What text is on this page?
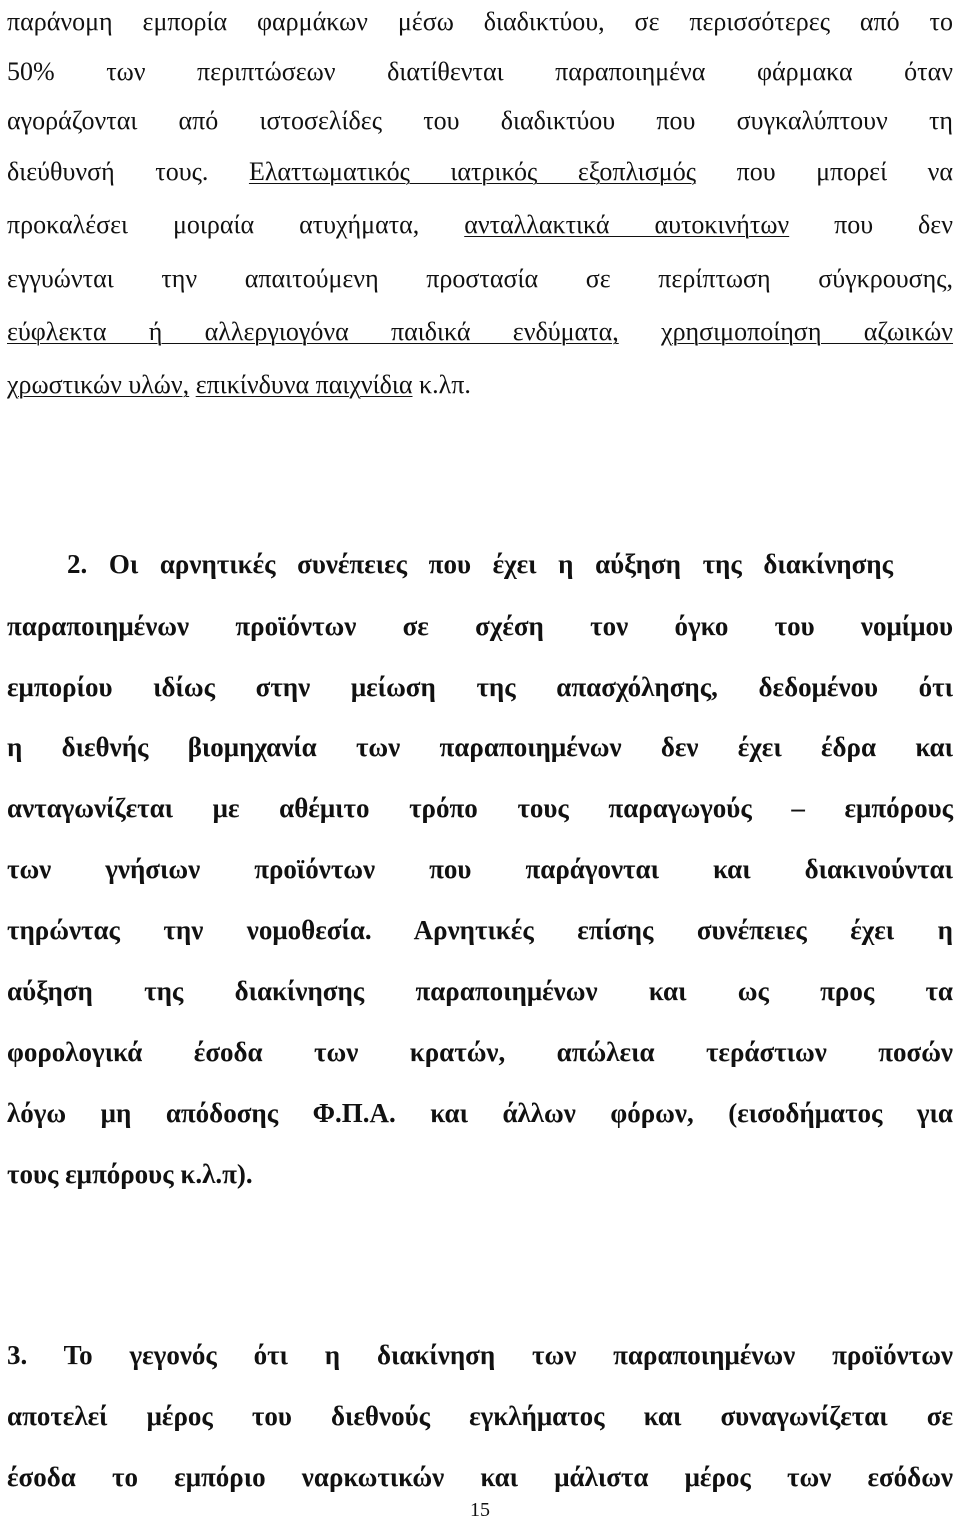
παράνομη εμπορία φαρμάκων μέσω διαδικτύου, σε περισσότερες από το
50% των περιπτώσεων διατίθενται παραποιημένα φάρμακα όταν
αγοράζονται από ιστοσελίδες του διαδικτύου που συγκαλύπτουν τη
διεύθυνσή τους. Ελαττωματικός ιατρικός εξοπλισμός που μπορεί να
προκαλέσει μοιραία ατυχήματα, ανταλλακτικά αυτοκινήτων που δεν
εγγυώνται την απαιτούμενη προστασία σε περίπτωση σύγκρουσης,
εύφλεκτα ή αλλεργιογόνα παιδικά ενδύματα, χρησιμοποίηση αζωικών
χρωστικών υλών, επικίνδυνα παιχνίδια κ.λπ.
2. Οι αρνητικές συνέπειες που έχει η αύξηση της διακίνησης
παραποιημένων προϊόντων σε σχέση τον όγκο του νομίμου
εμπορίου ιδίως στην μείωση της απασχόλησης, δεδομένου ότι
η διεθνής βιομηχανία των παραποιημένων δεν έχει έδρα και
ανταγωνίζεται με αθέμιτο τρόπο τους παραγωγούς – εμπόρους
των γνήσιων προϊόντων που παράγονται και διακινούνται
τηρώντας την νομοθεσία. Αρνητικές επίσης συνέπειες έχει η
αύξηση της διακίνησης παραποιημένων και ως προς τα
φορολογικά έσοδα των κρατών, απώλεια τεράστιων ποσών
λόγω μη απόδοσης Φ.Π.Α. και άλλων φόρων, (εισοδήματος για
τους εμπόρους κ.λ.π).
3. Το γεγονός ότι η διακίνηση των παραποιημένων προϊόντων
αποτελεί μέρος του διεθνούς εγκλήματος και συναγωνίζεται σε
έσοδα το εμπόριο ναρκωτικών και μάλιστα μέρος των εσόδων
15
